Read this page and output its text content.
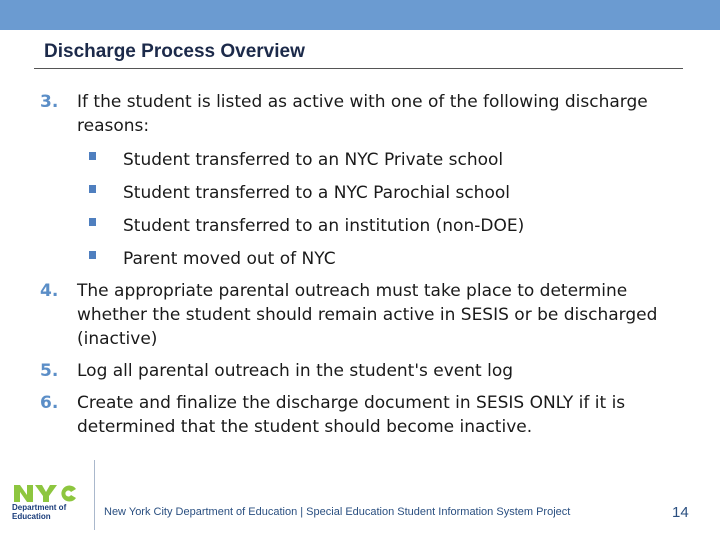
Discharge Process Overview
3. If the student is listed as active with one of the following discharge reasons:
Student transferred to an NYC Private school
Student transferred to a NYC Parochial school
Student transferred to an institution (non-DOE)
Parent moved out of NYC
4. The appropriate parental outreach must take place to determine whether the student should remain active in SESIS or be discharged (inactive)
5. Log all parental outreach in the student's event log
6. Create and finalize the discharge document in SESIS ONLY if it is determined that the student should become inactive.
Department of
Education	New York City Department of Education | Special Education Student Information System Project	14
